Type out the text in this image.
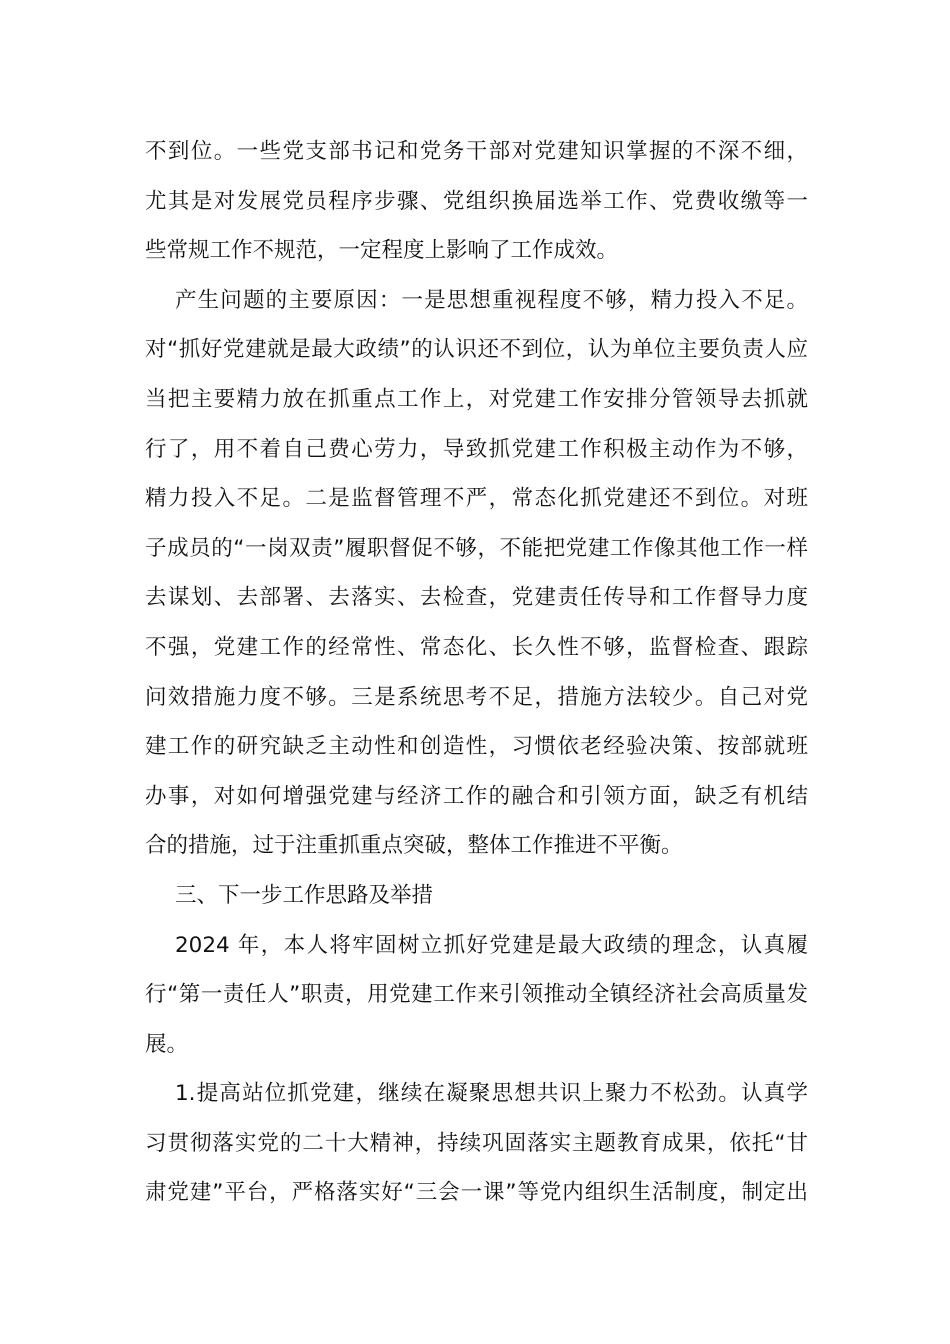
不到位。一些党支部书记和党务干部对党建知识掌握的不深不细，
尤其是对发展党员程序步骤、党组织换届选举工作、党费收缴等一
些常规工作不规范，一定程度上影响了工作成效。
产生问题的主要原因：一是思想重视程度不够，精力投入不足。
对“抓好党建就是最大政绩”的认识还不到位，认为单位主要负责人应
当把主要精力放在抓重点工作上，对党建工作安排分管领导去抓就
行了，用不着自己费心劳力，导致抓党建工作积极主动作为不够，
精力投入不足。二是监督管理不严，常态化抓党建还不到位。对班
子成员的“一岗双责”履职督促不够，不能把党建工作像其他工作一样
去谋划、去部署、去落实、去检查，党建责任传导和工作督导力度
不强，党建工作的经常性、常态化、长久性不够，监督检查、跟踪
问效措施力度不够。三是系统思考不足，措施方法较少。自己对党
建工作的研究缺乏主动性和创造性，习惯依老经验决策、按部就班
办事，对如何增强党建与经济工作的融合和引领方面，缺乏有机结
合的措施，过于注重抓重点突破，整体工作推进不平衡。
三、下一步工作思路及举措
2024 年，本人将牢固树立抓好党建是最大政绩的理念，认真履
行“第一责任人”职责，用党建工作来引领推动全镇经济社会高质量发
展。
1.提高站位抓党建，继续在凝聚思想共识上聚力不松劲。认真学
习贯彻落实党的二十大精神，持续巩固落实主题教育成果，依托“甘
肃党建”平台，严格落实好“三会一课”等党内组织生活制度，制定出
